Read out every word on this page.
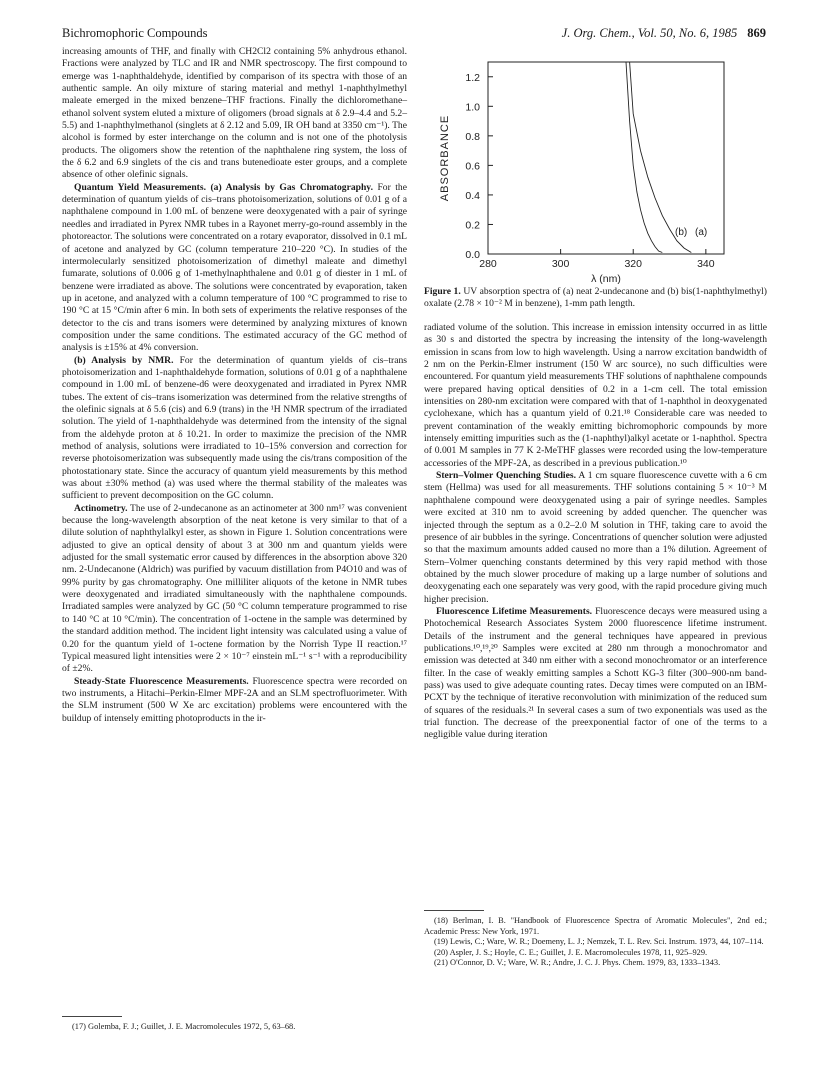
Bichromophoric Compounds	J. Org. Chem., Vol. 50, No. 6, 1985 869

increasing amounts of THF, and finally with CH2Cl2 containing 5% anhydrous ethanol. Fractions were analyzed by TLC and IR and NMR spectroscopy. The first compound to emerge was 1-naphthaldehyde, identified by comparison of its spectra with those of an authentic sample. An oily mixture of staring material and methyl 1-naphthylmethyl maleate emerged in the mixed benzene–THF fractions. Finally the dichloromethane–ethanol solvent system eluted a mixture of oligomers (broad signals at δ 2.9–4.4 and 5.2–5.5) and 1-naphthylmethanol (singlets at δ 2.12 and 5.09, IR OH band at 3350 cm⁻¹). The alcohol is formed by ester interchange on the column and is not one of the photolysis products. The oligomers show the retention of the naphthalene ring system, the loss of the δ 6.2 and 6.9 singlets of the cis and trans butenedioate ester groups, and a complete absence of other olefinic signals.

Quantum Yield Measurements. (a) Analysis by Gas Chromatography. For the determination of quantum yields of cis–trans photoisomerization, solutions of 0.01 g of a naphthalene compound in 1.00 mL of benzene were deoxygenated with a pair of syringe needles and irradiated in Pyrex NMR tubes in a Rayonet merry-go-round assembly in the photoreactor. The solutions were concentrated on a rotary evaporator, dissolved in 0.1 mL of acetone and analyzed by GC (column temperature 210–220 °C). In studies of the intermolecularly sensitized photoisomerization of dimethyl maleate and dimethyl fumarate, solutions of 0.006 g of 1-methylnaphthalene and 0.01 g of diester in 1 mL of benzene were irradiated as above. The solutions were concentrated by evaporation, taken up in acetone, and analyzed with a column temperature of 100 °C programmed to rise to 190 °C at 15 °C/min after 6 min. In both sets of experiments the relative responses of the detector to the cis and trans isomers were determined by analyzing mixtures of known composition under the same conditions. The estimated accuracy of the GC method of analysis is ±15% at 4% conversion.

(b) Analysis by NMR. For the determination of quantum yields of cis–trans photoisomerization and 1-naphthaldehyde formation, solutions of 0.01 g of a naphthalene compound in 1.00 mL of benzene-d6 were deoxygenated and irradiated in Pyrex NMR tubes. The extent of cis–trans isomerization was determined from the relative strengths of the olefinic signals at δ 5.6 (cis) and 6.9 (trans) in the ¹H NMR spectrum of the irradiated solution. The yield of 1-naphthaldehyde was determined from the intensity of the signal from the aldehyde proton at δ 10.21. In order to maximize the precision of the NMR method of analysis, solutions were irradiated to 10–15% conversion and correction for reverse photoisomerization was subsequently made using the cis/trans composition of the photostationary state. Since the accuracy of quantum yield measurements by this method was about ±30% method (a) was used where the thermal stability of the maleates was sufficient to prevent decomposition on the GC column.

Actinometry. The use of 2-undecanone as an actinometer at 300 nm¹⁷ was convenient because the long-wavelength absorption of the neat ketone is very similar to that of a dilute solution of naphthylalkyl ester, as shown in Figure 1. Solution concentrations were adjusted to give an optical density of about 3 at 300 nm and quantum yields were adjusted for the small systematic error caused by differences in the absorption above 320 nm. 2-Undecanone (Aldrich) was purified by vacuum distillation from P4O10 and was of 99% purity by gas chromatography. One milliliter aliquots of the ketone in NMR tubes were deoxygenated and irradiated simultaneously with the naphthalene compounds. Irradiated samples were analyzed by GC (50 °C column temperature programmed to rise to 140 °C at 10 °C/min). The concentration of 1-octene in the sample was determined by the standard addition method. The incident light intensity was calculated using a value of 0.20 for the quantum yield of 1-octene formation by the Norrish Type II reaction.¹⁷ Typical measured light intensities were 2 × 10⁻⁷ einstein mL⁻¹ s⁻¹ with a reproducibility of ±2%.

Steady-State Fluorescence Measurements. Fluorescence spectra were recorded on two instruments, a Hitachi–Perkin-Elmer MPF-2A and an SLM spectrofluorimeter. With the SLM instrument (500 W Xe arc excitation) problems were encountered with the buildup of intensely emitting photoproducts in the ir-

ABSORBANCE
λ (nm)
0.0
0.2
0.4
0.6
0.8
1.0
1.2
280	300	320	340
(b) (a)
Figure 1. UV absorption spectra of (a) neat 2-undecanone and (b) bis(1-naphthylmethyl) oxalate (2.78 × 10⁻² M in benzene), 1-mm path length.

radiated volume of the solution. This increase in emission intensity occurred in as little as 30 s and distorted the spectra by increasing the intensity of the long-wavelength emission in scans from low to high wavelength. Using a narrow excitation bandwidth of 2 nm on the Perkin-Elmer instrument (150 W arc source), no such difficulties were encountered. For quantum yield measurements THF solutions of naphthalene compounds were prepared having optical densities of 0.2 in a 1-cm cell. The total emission intensities on 280-nm excitation were compared with that of 1-naphthol in deoxygenated cyclohexane, which has a quantum yield of 0.21.¹⁸ Considerable care was needed to prevent contamination of the weakly emitting bichromophoric compounds by more intensely emitting impurities such as the (1-naphthyl)alkyl acetate or 1-naphthol. Spectra of 0.001 M samples in 77 K 2-MeTHF glasses were recorded using the low-temperature accessories of the MPF-2A, as described in a previous publication.¹⁰

Stern–Volmer Quenching Studies. A 1 cm square fluorescence cuvette with a 6 cm stem (Hellma) was used for all measurements. THF solutions containing 5 × 10⁻³ M naphthalene compound were deoxygenated using a pair of syringe needles. Samples were excited at 310 nm to avoid screening by added quencher. The quencher was injected through the septum as a 0.2–2.0 M solution in THF, taking care to avoid the presence of air bubbles in the syringe. Concentrations of quencher solution were adjusted so that the maximum amounts added caused no more than a 1% dilution. Agreement of Stern–Volmer quenching constants determined by this very rapid method with those obtained by the much slower procedure of making up a large number of solutions and deoxygenating each one separately was very good, with the rapid procedure giving much higher precision.

Fluorescence Lifetime Measurements. Fluorescence decays were measured using a Photochemical Research Associates System 2000 fluorescence lifetime instrument. Details of the instrument and the general techniques have appeared in previous publications.¹⁰,¹⁹,²⁰ Samples were excited at 280 nm through a monochromator and emission was detected at 340 nm either with a second monochromator or an interference filter. In the case of weakly emitting samples a Schott KG-3 filter (300–900-nm band-pass) was used to give adequate counting rates. Decay times were computed on an IBM-PCXT by the technique of iterative reconvolution with minimization of the reduced sum of squares of the residuals.²¹ In several cases a sum of two exponentials was used as the trial function. The decrease of the preexponential factor of one of the terms to a negligible value during iteration

(18) Berlman, I. B. "Handbook of Fluorescence Spectra of Aromatic Molecules", 2nd ed.; Academic Press: New York, 1971.

(19) Lewis, C.; Ware, W. R.; Doemeny, L. J.; Nemzek, T. L. Rev. Sci. Instrum. 1973, 44, 107–114.

(20) Aspler, J. S.; Hoyle, C. E.; Guillet, J. E. Macromolecules 1978, 11, 925–929.

(21) O'Connor, D. V.; Ware, W. R.; Andre, J. C. J. Phys. Chem. 1979, 83, 1333–1343.

(17) Golemba, F. J.; Guillet, J. E. Macromolecules 1972, 5, 63–68.
